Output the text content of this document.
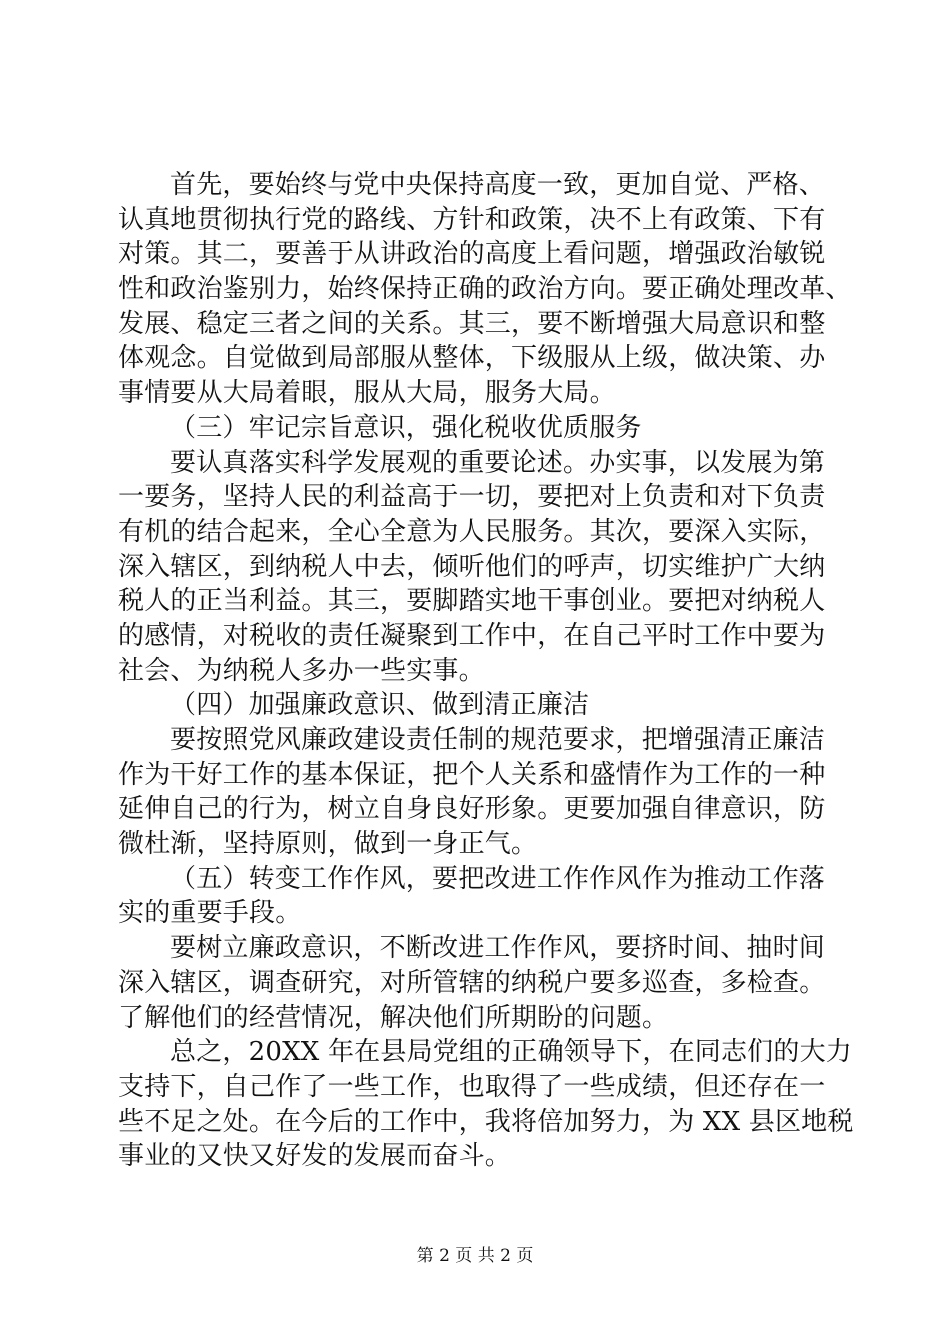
首先，要始终与党中央保持高度一致，更加自觉、严格、
认真地贯彻执行党的路线、方针和政策，决不上有政策、下有
对策。其二，要善于从讲政治的高度上看问题，增强政治敏锐
性和政治鉴别力，始终保持正确的政治方向。要正确处理改革、
发展、稳定三者之间的关系。其三，要不断增强大局意识和整
体观念。自觉做到局部服从整体，下级服从上级，做决策、办
事情要从大局着眼，服从大局，服务大局。
（三）牢记宗旨意识，强化税收优质服务
要认真落实科学发展观的重要论述。办实事，以发展为第
一要务，坚持人民的利益高于一切，要把对上负责和对下负责
有机的结合起来，全心全意为人民服务。其次，要深入实际，
深入辖区，到纳税人中去，倾听他们的呼声，切实维护广大纳
税人的正当利益。其三，要脚踏实地干事创业。要把对纳税人
的感情，对税收的责任凝聚到工作中，在自己平时工作中要为
社会、为纳税人多办一些实事。
（四）加强廉政意识、做到清正廉洁
要按照党风廉政建设责任制的规范要求，把增强清正廉洁
作为干好工作的基本保证，把个人关系和盛情作为工作的一种
延伸自己的行为，树立自身良好形象。更要加强自律意识，防
微杜渐，坚持原则，做到一身正气。
（五）转变工作作风，要把改进工作作风作为推动工作落
实的重要手段。
要树立廉政意识，不断改进工作作风，要挤时间、抽时间
深入辖区，调查研究，对所管辖的纳税户要多巡查，多检查。
了解他们的经营情况，解决他们所期盼的问题。
总之，20XX 年在县局党组的正确领导下，在同志们的大力
支持下，自己作了一些工作，也取得了一些成绩，但还存在一
些不足之处。在今后的工作中，我将倍加努力，为 XX 县区地税
事业的又快又好发的发展而奋斗。
第 2 页 共 2 页
